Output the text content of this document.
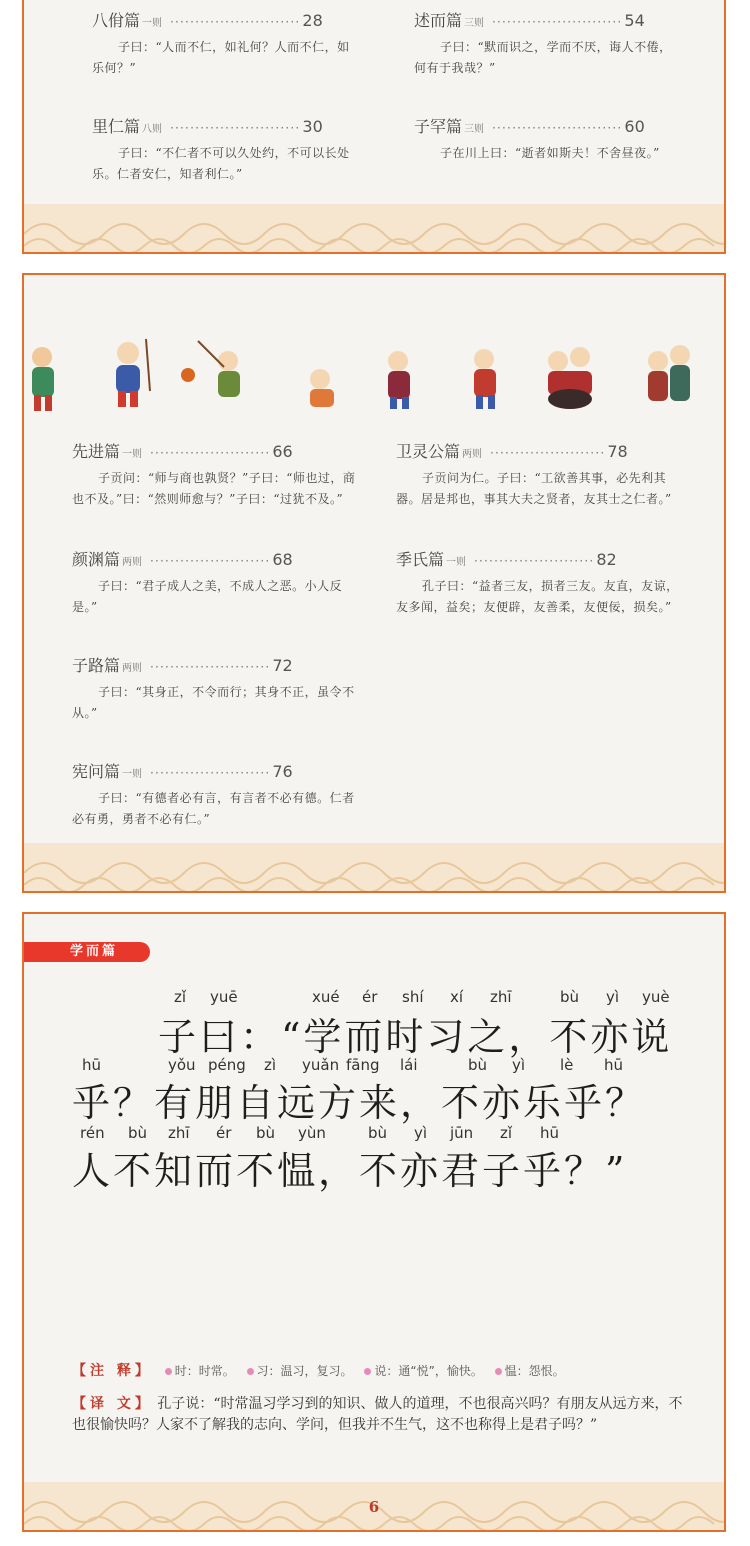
八佾篇 一则 ·························· 28
子曰：“人而不仁，如礼何？人而不仁，如乐何？”
述而篇 三则 ·························· 54
子曰：“默而识之，学而不厌，诲人不倦，何有于我哉？”
里仁篇 八则 ·························· 30
子曰：“不仁者不可以久处约，不可以长处乐。仁者安仁，知者利仁。”
子罕篇 三则 ·························· 60
子在川上曰：“逝者如斯夫！不舍昼夜。”
先进篇 一则 ························ 66
子贡问：“师与商也孰贤？”子曰：“师也过，商也不及。”曰：“然则师愈与？”子曰：“过犹不及。”
卫灵公篇 两则 ······················· 78
子贡问为仁。子曰：“工欲善其事，必先利其器。居是邦也，事其大夫之贤者，友其士之仁者。”
颜渊篇 两则 ························ 68
子曰：“君子成人之美，不成人之恶。小人反是。”
季氏篇 一则 ························ 82
孔子曰：“益者三友，损者三友。友直，友谅，友多闻，益矣；友便辟，友善柔，友便佞，损矣。”
子路篇 两则 ························ 72
子曰：“其身正，不令而行；其身不正，虽令不从。”
宪问篇 一则 ························ 76
子曰：“有德者必有言，有言者不必有德。仁者必有勇，勇者不必有仁。”
学而篇
zǐ yuē	xué ér shí xí zhī	bù yì yuè
子曰：“学而时习之，不亦说
hū	yǒu péng zì yuǎn fāng lái	bù yì lè hū
乎？有朋自远方来，不亦乐乎？
rén bù zhī ér bù yùn	bù yì jūn zǐ hū
人不知而不愠，不亦君子乎？”
【注 释】 时：时常。 习：温习，复习。 说：通“悦”，愉快。 愠：怨恨。
【译 文】 孔子说：“时常温习学习到的知识、做人的道理，不也很高兴吗？有朋友从远方来，不也很愉快吗？人家不了解我的志向、学问，但我并不生气，这不也称得上是君子吗？”
6
